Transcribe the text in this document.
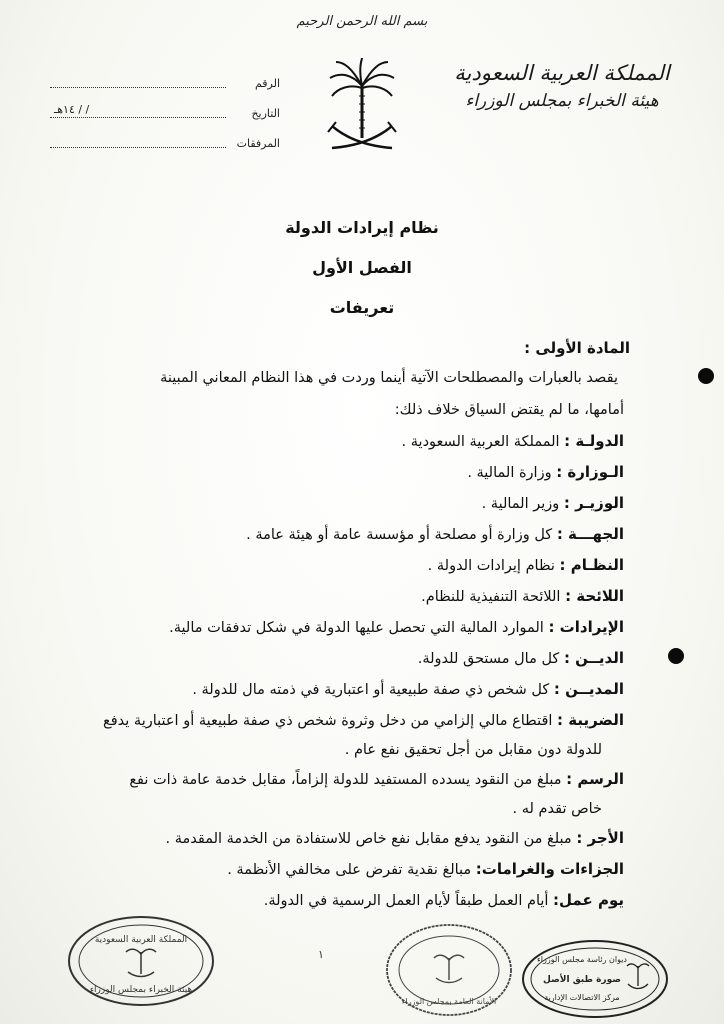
بسم الله الرحمن الرحيم
المملكة العربية السعودية
هيئة الخبراء بمجلس الوزراء
الرقم
التاريخ
/ / ١٤هـ
المرفقات
نظام إيرادات الدولة
الفصل الأول
تعريفات
المادة الأولى :
يقصد بالعبارات والمصطلحات الآتية أينما وردت في هذا النظام المعاني المبينة
أمامها، ما لم يقتض السياق خلاف ذلك:
الدولـة : المملكة العربية السعودية .
الـوزارة : وزارة المالية .
الوزيـر : وزير المالية .
الجهـــة : كل وزارة أو مصلحة أو مؤسسة عامة أو هيئة عامة .
النظـام : نظام إيرادات الدولة .
اللائحة : اللائحة التنفيذية للنظام.
الإيرادات : الموارد المالية التي تحصل عليها الدولة في شكل تدفقات مالية.
الديــن : كل مال مستحق للدولة.
المديــن : كل شخص ذي صفة طبيعية أو اعتبارية في ذمته مال للدولة .
الضريبة : اقتطاع مالي إلزامي من دخل وثروة شخص ذي صفة طبيعية أو اعتبارية يدفع
للدولة دون مقابل من أجل تحقيق نفع عام .
الرسم : مبلغ من النقود يسدده المستفيد للدولة إلزاماً، مقابل خدمة عامة ذات نفع
خاص تقدم له .
الأجر : مبلغ من النقود يدفع مقابل نفع خاص للاستفادة من الخدمة المقدمة .
الجزاءات والغرامات: مبالغ نقدية تفرض على مخالفي الأنظمة .
يوم عمل: أيام العمل طبقاً لأيام العمل الرسمية في الدولة.
١
المملكة العربية السعودية
هيئة الخبراء بمجلس الوزراء
الأمانة العامة بمجلس الوزراء
ديوان رئاسة مجلس الوزراء
صورة طبق الأصل
مركز الاتصالات الإدارية
